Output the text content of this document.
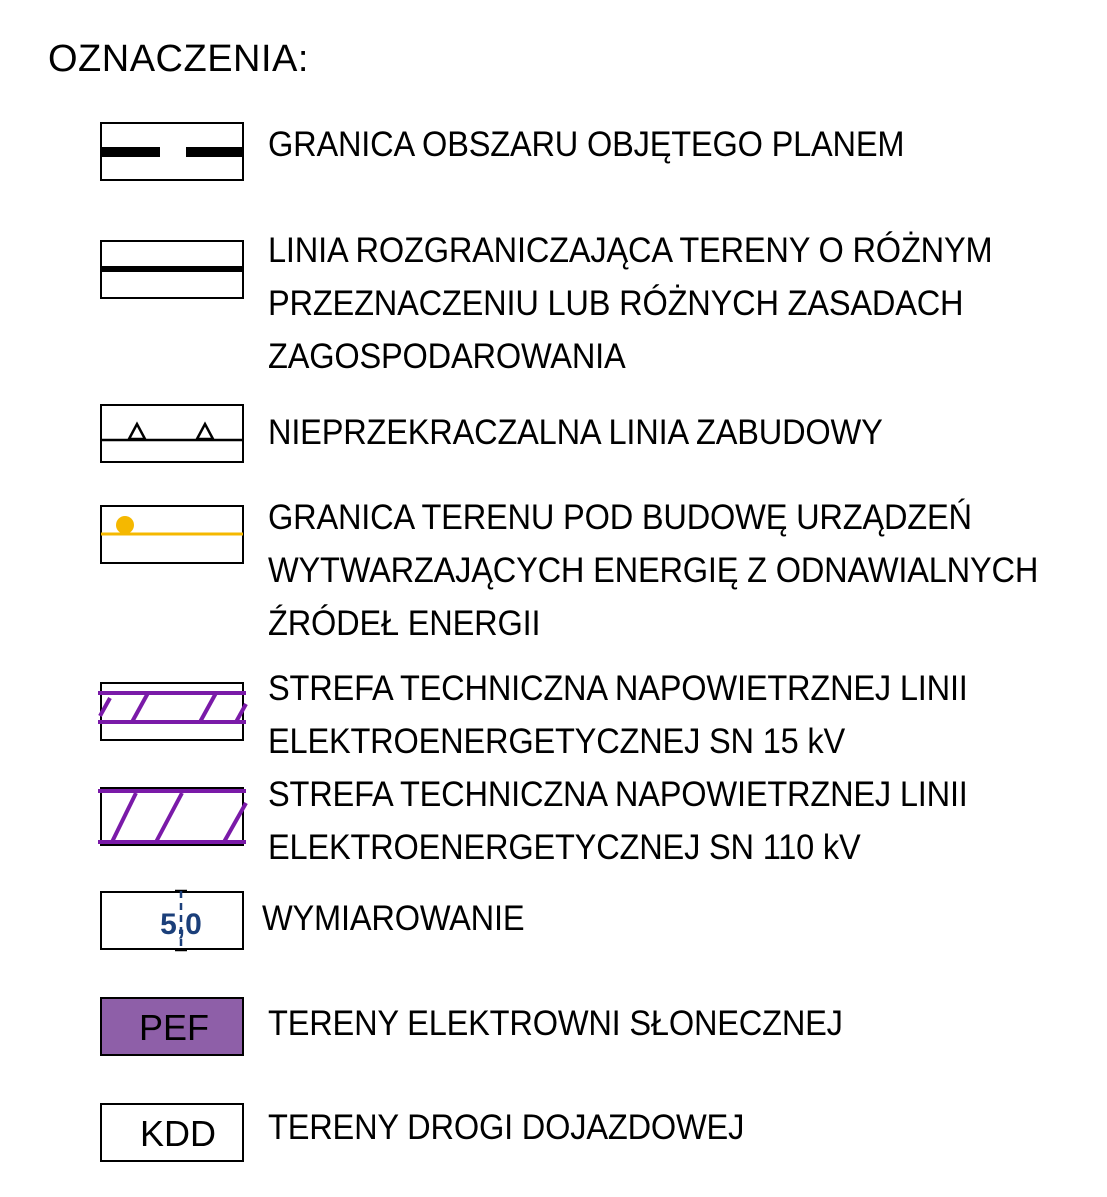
OZNACZENIA:
GRANICA OBSZARU OBJĘTEGO PLANEM
LINIA ROZGRANICZAJĄCA TERENY O RÓŻNYM
PRZEZNACZENIU LUB RÓŻNYCH ZASADACH
ZAGOSPODAROWANIA
NIEPRZEKRACZALNA LINIA ZABUDOWY
GRANICA TERENU POD BUDOWĘ URZĄDZEŃ
WYTWARZAJĄCYCH ENERGIĘ Z ODNAWIALNYCH
ŹRÓDEŁ ENERGII
STREFA TECHNICZNA NAPOWIETRZNEJ LINII
ELEKTROENERGETYCZNEJ SN 15 kV
STREFA TECHNICZNA NAPOWIETRZNEJ LINII
ELEKTROENERGETYCZNEJ SN 110 kV
5,0 WYMIAROWANIE
PEF TERENY ELEKTROWNI SŁONECZNEJ
KDD TERENY DROGI DOJAZDOWEJ
